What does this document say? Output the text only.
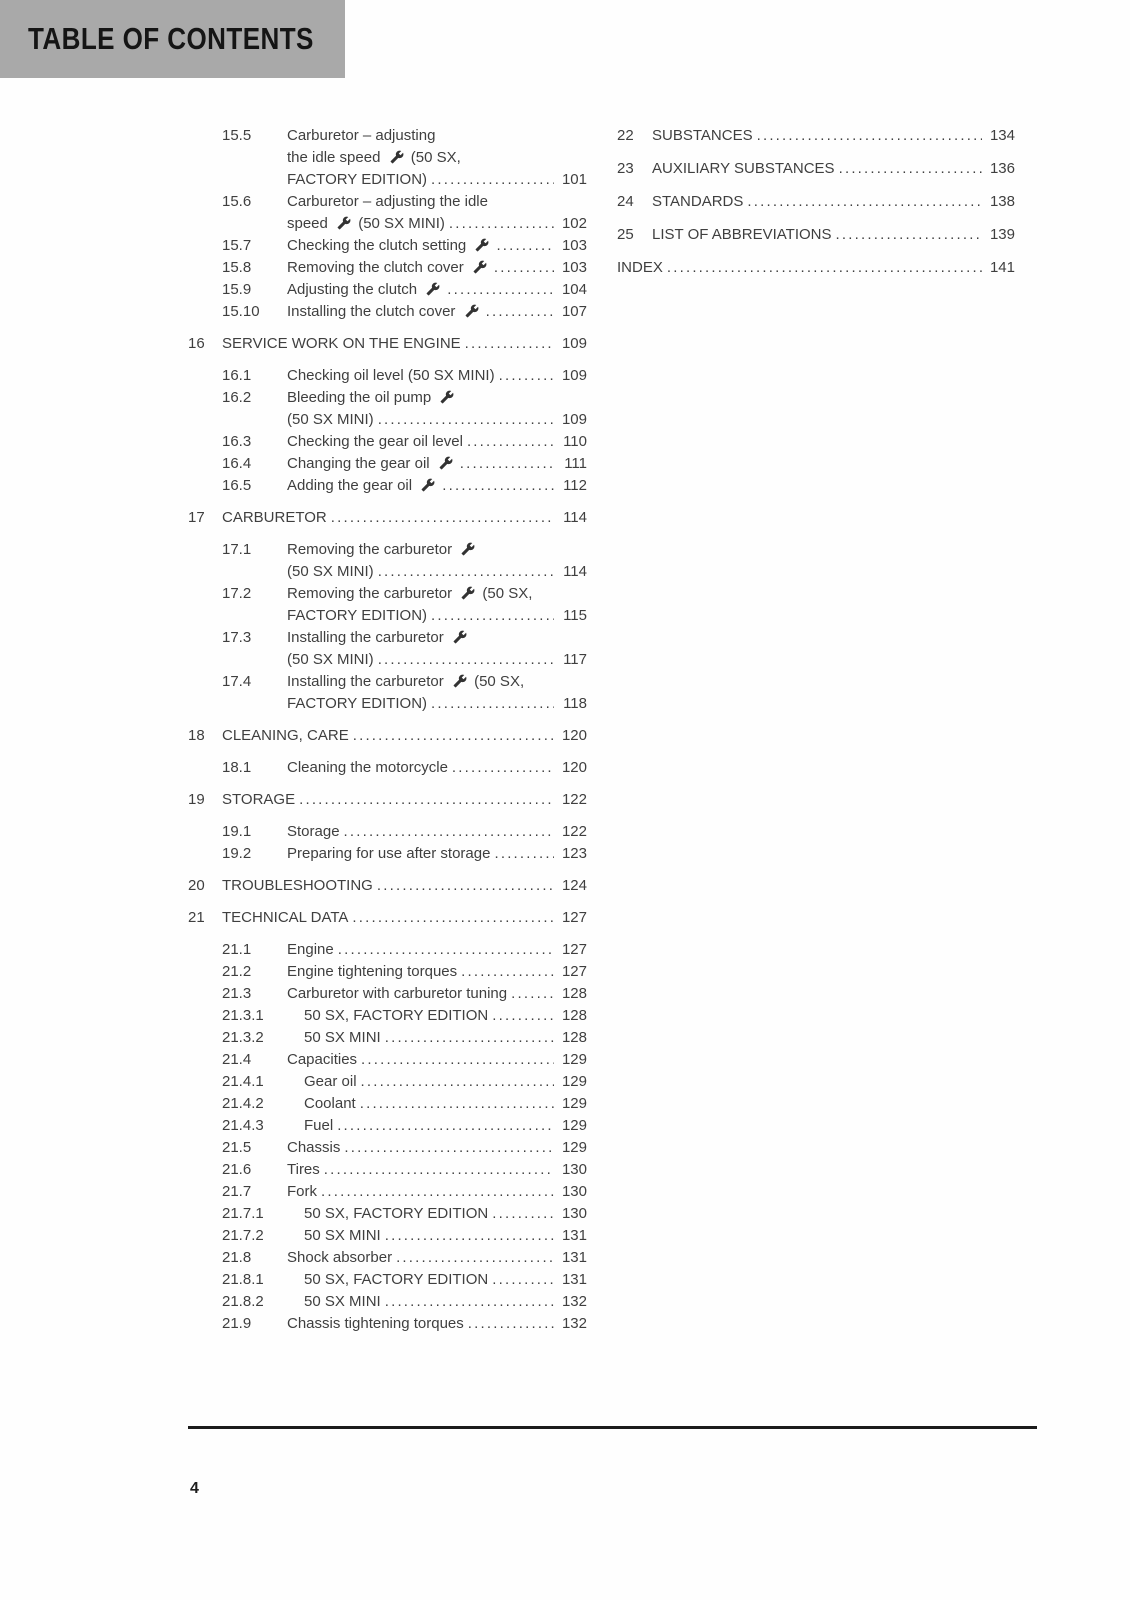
TABLE OF CONTENTS
15.5	Carburetor – adjusting
the idle speed  (50 SX,
FACTORY EDITION) .....	101
15.6	Carburetor – adjusting the idle
speed  (50 SX MINI) .....	102
15.7	Checking the clutch setting .....	103
15.8	Removing the clutch cover .....	103
15.9	Adjusting the clutch .....	104
15.10	Installing the clutch cover .....	107
16	SERVICE WORK ON THE ENGINE .....	109
16.1	Checking oil level (50 SX MINI) .....	109
16.2	Bleeding the oil pump
(50 SX MINI) .....	109
16.3	Checking the gear oil level .....	110
16.4	Changing the gear oil .....	111
16.5	Adding the gear oil .....	112
17	CARBURETOR .....	114
17.1	Removing the carburetor
(50 SX MINI) .....	114
17.2	Removing the carburetor  (50 SX,
FACTORY EDITION) .....	115
17.3	Installing the carburetor
(50 SX MINI) .....	117
17.4	Installing the carburetor  (50 SX,
FACTORY EDITION) .....	118
18	CLEANING, CARE .....	120
18.1	Cleaning the motorcycle .....	120
19	STORAGE .....	122
19.1	Storage .....	122
19.2	Preparing for use after storage .....	123
20	TROUBLESHOOTING .....	124
21	TECHNICAL DATA .....	127
21.1	Engine .....	127
21.2	Engine tightening torques .....	127
21.3	Carburetor with carburetor tuning .....	128
21.3.1	50 SX, FACTORY EDITION .....	128
21.3.2	50 SX MINI .....	128
21.4	Capacities .....	129
21.4.1	Gear oil .....	129
21.4.2	Coolant .....	129
21.4.3	Fuel .....	129
21.5	Chassis .....	129
21.6	Tires .....	130
21.7	Fork .....	130
21.7.1	50 SX, FACTORY EDITION .....	130
21.7.2	50 SX MINI .....	131
21.8	Shock absorber .....	131
21.8.1	50 SX, FACTORY EDITION .....	131
21.8.2	50 SX MINI .....	132
21.9	Chassis tightening torques .....	132
22	SUBSTANCES .....	134
23	AUXILIARY SUBSTANCES .....	136
24	STANDARDS .....	138
25	LIST OF ABBREVIATIONS .....	139
INDEX .....	141
4
